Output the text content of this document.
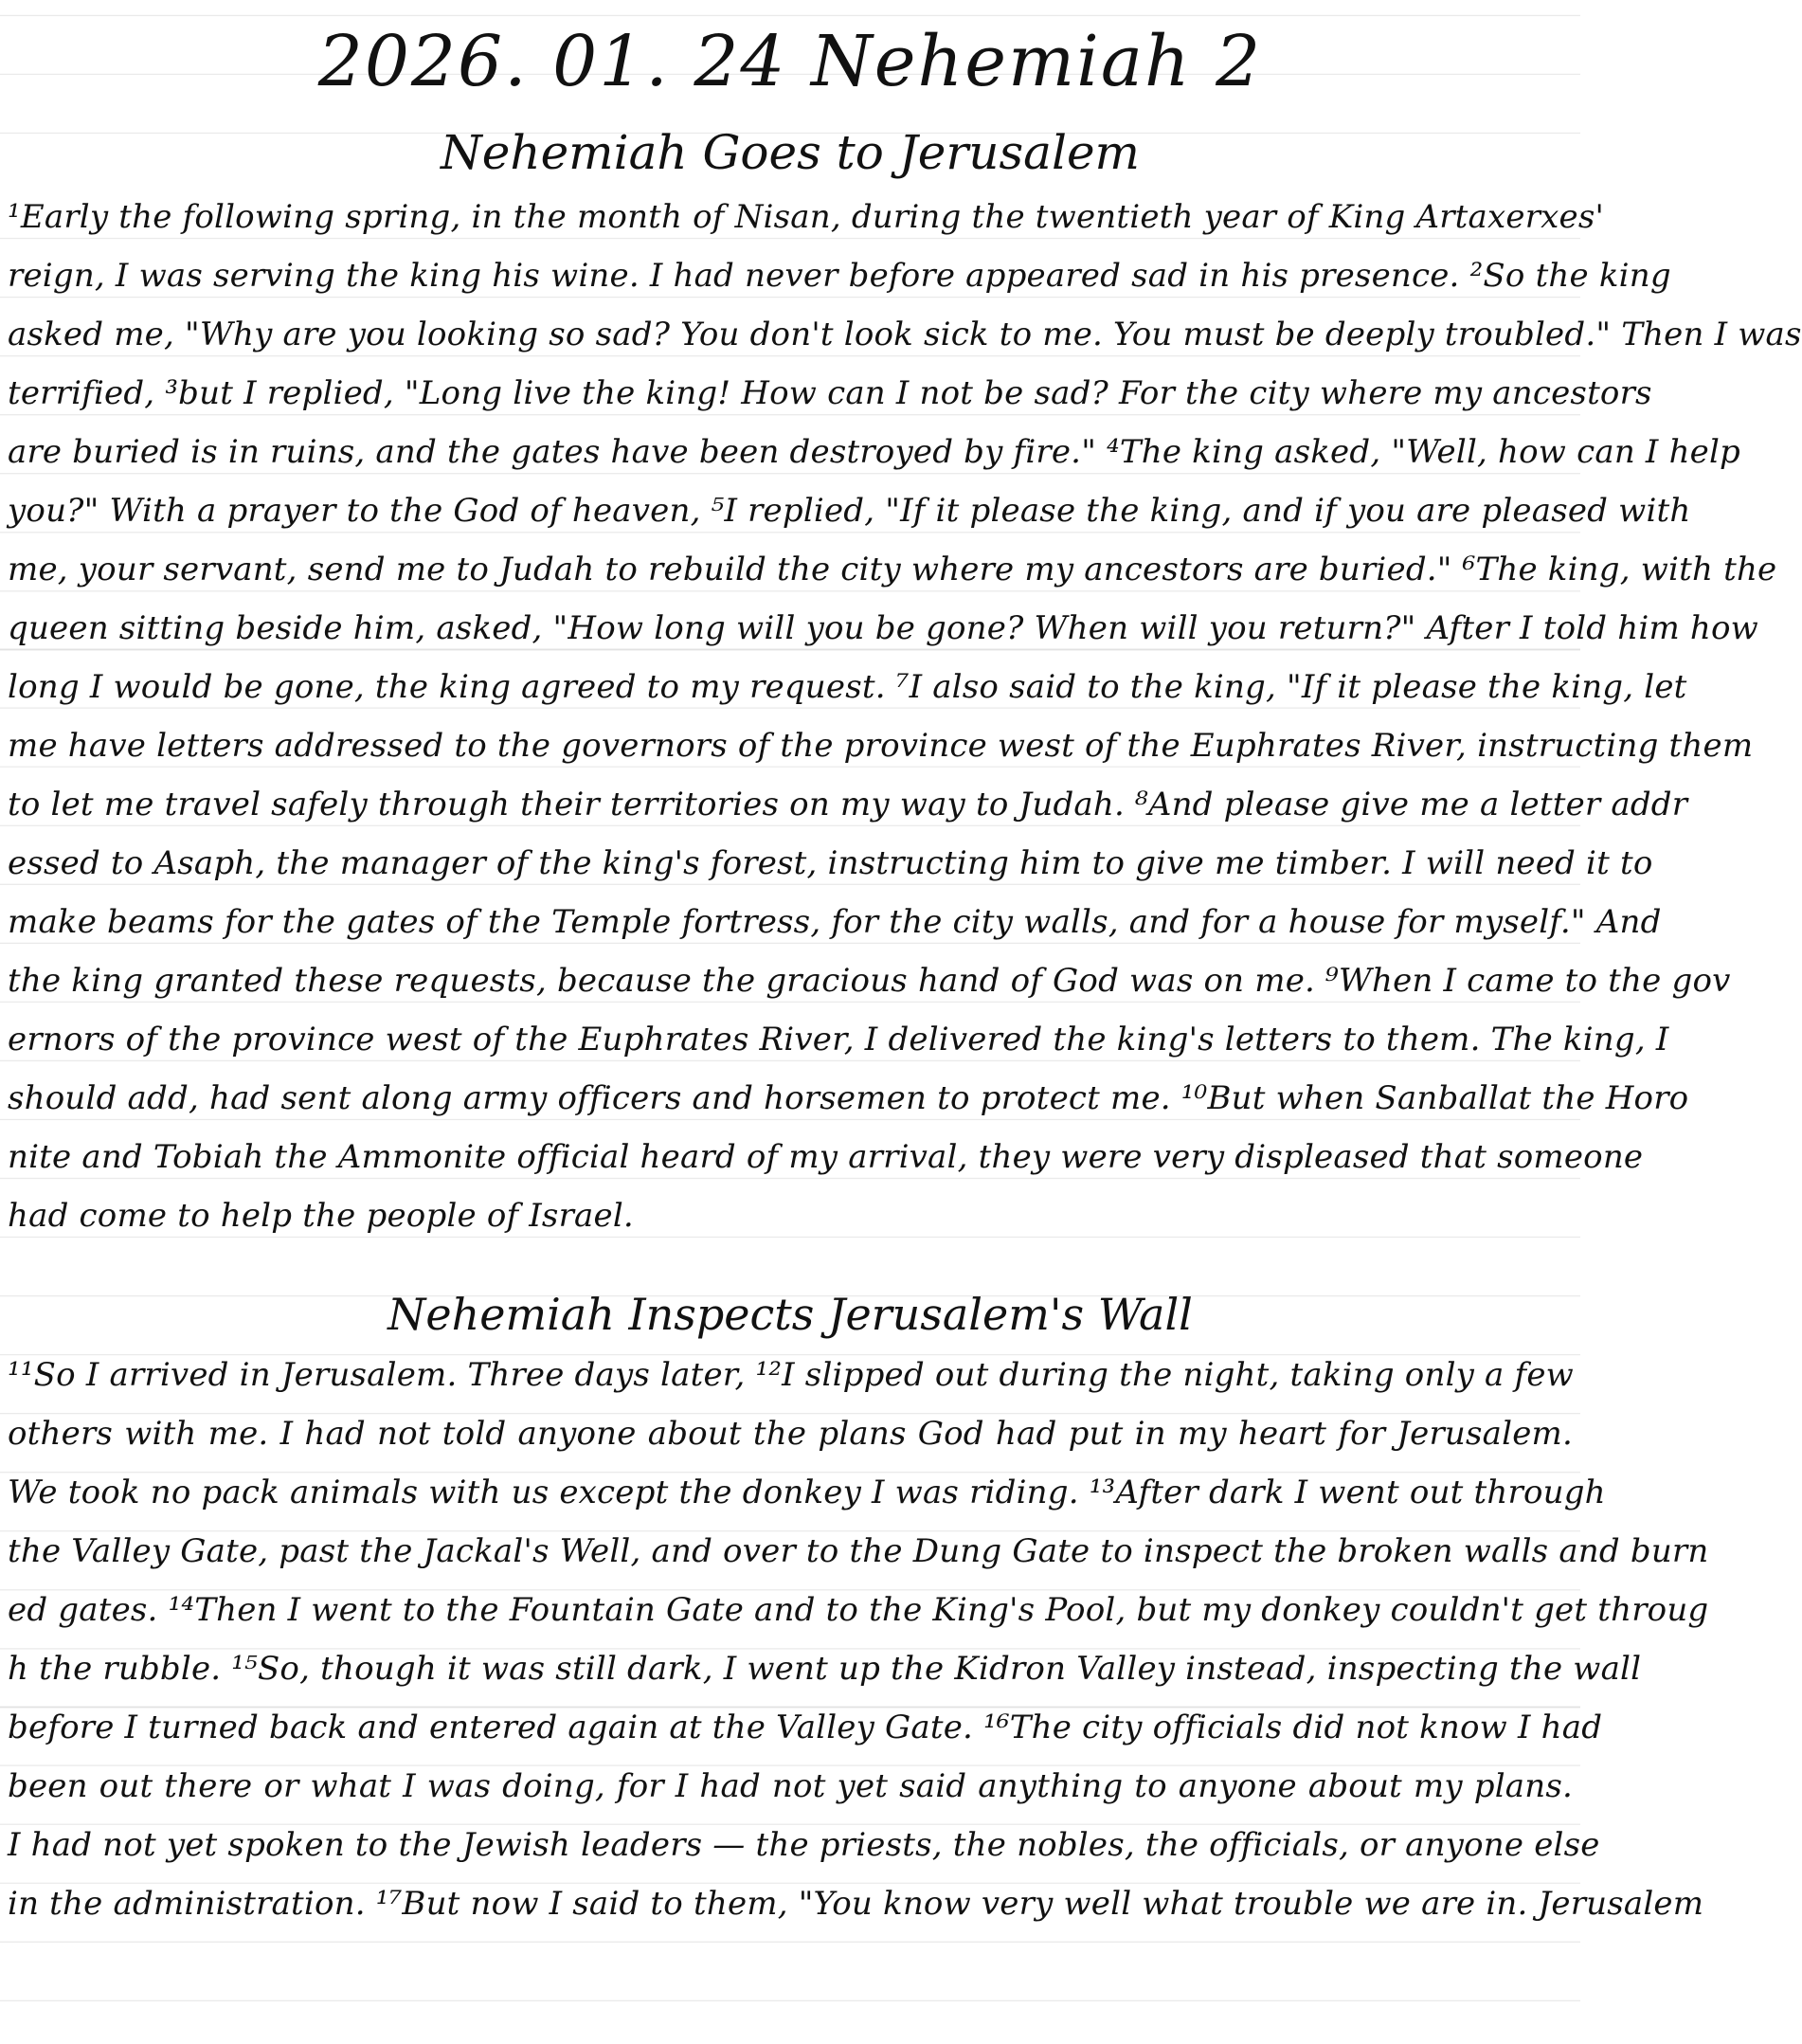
2026. 01. 24 Nehemiah 2
Nehemiah Goes to Jerusalem
¹Early the following spring, in the month of Nisan, during the twentieth year of King Artaxerxes'
reign, I was serving the king his wine. I had never before appeared sad in his presence. ²So the king
asked me, "Why are you looking so sad? You don't look sick to me. You must be deeply troubled." Then I was
terrified, ³but I replied, "Long live the king! How can I not be sad? For the city where my ancestors
are buried is in ruins, and the gates have been destroyed by fire." ⁴The king asked, "Well, how can I help
you?" With a prayer to the God of heaven, ⁵I replied, "If it please the king, and if you are pleased with
me, your servant, send me to Judah to rebuild the city where my ancestors are buried." ⁶The king, with the
queen sitting beside him, asked, "How long will you be gone? When will you return?" After I told him how
long I would be gone, the king agreed to my request. ⁷I also said to the king, "If it please the king, let
me have letters addressed to the governors of the province west of the Euphrates River, instructing them
to let me travel safely through their territories on my way to Judah. ⁸And please give me a letter addr
essed to Asaph, the manager of the king's forest, instructing him to give me timber. I will need it to
make beams for the gates of the Temple fortress, for the city walls, and for a house for myself." And
the king granted these requests, because the gracious hand of God was on me. ⁹When I came to the gov
ernors of the province west of the Euphrates River, I delivered the king's letters to them. The king, I
should add, had sent along army officers and horsemen to protect me. ¹⁰But when Sanballat the Horo
nite and Tobiah the Ammonite official heard of my arrival, they were very displeased that someone
had come to help the people of Israel.
Nehemiah Inspects Jerusalem's Wall
¹¹So I arrived in Jerusalem. Three days later, ¹²I slipped out during the night, taking only a few
others with me. I had not told anyone about the plans God had put in my heart for Jerusalem.
We took no pack animals with us except the donkey I was riding. ¹³After dark I went out through
the Valley Gate, past the Jackal's Well, and over to the Dung Gate to inspect the broken walls and burn
ed gates. ¹⁴Then I went to the Fountain Gate and to the King's Pool, but my donkey couldn't get throug
h the rubble. ¹⁵So, though it was still dark, I went up the Kidron Valley instead, inspecting the wall
before I turned back and entered again at the Valley Gate. ¹⁶The city officials did not know I had
been out there or what I was doing, for I had not yet said anything to anyone about my plans.
I had not yet spoken to the Jewish leaders — the priests, the nobles, the officials, or anyone else
in the administration. ¹⁷But now I said to them, "You know very well what trouble we are in. Jerusalem
